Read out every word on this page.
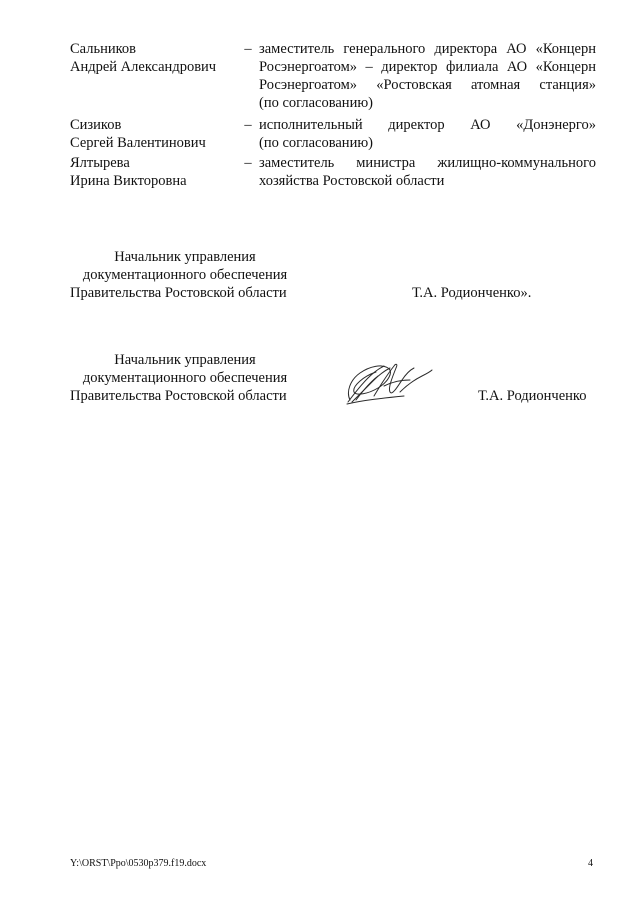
Сальников
Андрей Александрович
– заместитель генерального директора АО «Концерн
Росэнергоатом» – директор филиала АО «Концерн
Росэнергоатом» «Ростовская атомная станция»
(по согласованию)
Сизиков
Сергей Валентинович
– исполнительный директор АО «Донэнерго»
(по согласованию)
Ялтырева
Ирина Викторовна
– заместитель министра жилищно-коммунального
хозяйства Ростовской области
Начальник управления
документационного обеспечения
Правительства Ростовской области	Т.А. Родионченко».
Начальник управления
документационного обеспечения
Правительства Ростовской области	Т.А. Родионченко
Y:\ORST\Ppo\0530p379.f19.docx	4
